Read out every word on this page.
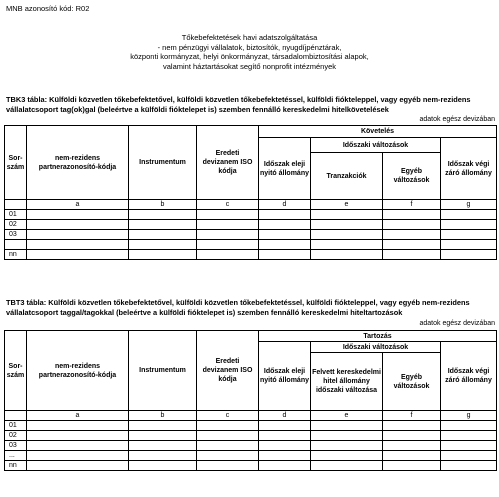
MNB azonosító kód: R02
Tőkebefektetések havi adatszolgáltatása
- nem pénzügyi vállalatok, biztosítók, nyugdíjpénztárak,
központi kormányzat, helyi önkormányzat, társadalombiztosítási alapok,
valamint háztartásokat segítő nonprofit intézmények
TBK3 tábla: Külföldi közvetlen tőkebefektetővel, külföldi közvetlen tőkebefektetéssel, külföldi fióktelеppel, vagy egyéb nem-rezidens vállalatcsoport tag(ok)gal (beleértve a külföldi fióktelepet is) szemben fennálló kereskedelmi hitelkövetelések
adatok egész devizában
Sor-szám	nem-rezidens partnerazonosító-kódja	Instrumentum	Eredeti devizanem ISO kódja	Követelés			
				Időszak eleji nyitó állomány	Időszaki változások		Időszak végi záró állomány
					Tranzakciók	Egyéb változások	
	a	b	c	d	e	f	g
01							
02							
03							

nn							
TBT3 tábla: Külföldi közvetlen tőkebefektetővel, külföldi közvetlen tőkebefektetéssel, külföldi fióktelеppel, vagy egyéb nem-rezidens vállalatcsoport taggal/tagokkal (beleértve a külföldi fióktelepet is) szemben fennálló kereskedelmi hiteltartozások
adatok egész devizában
Sor-szám	nem-rezidens partnerazonosító-kódja	Instrumentum	Eredeti devizanem ISO kódja	Tartozás			
				Időszak eleji nyitó állomány	Időszaki változások		Időszak végi záró állomány
					Felvett kereskedelmi hitel állomány időszaki változása	Egyéb változások	
	a	b	c	d	e	f	g
01							
02							
03							
...							
nn							
